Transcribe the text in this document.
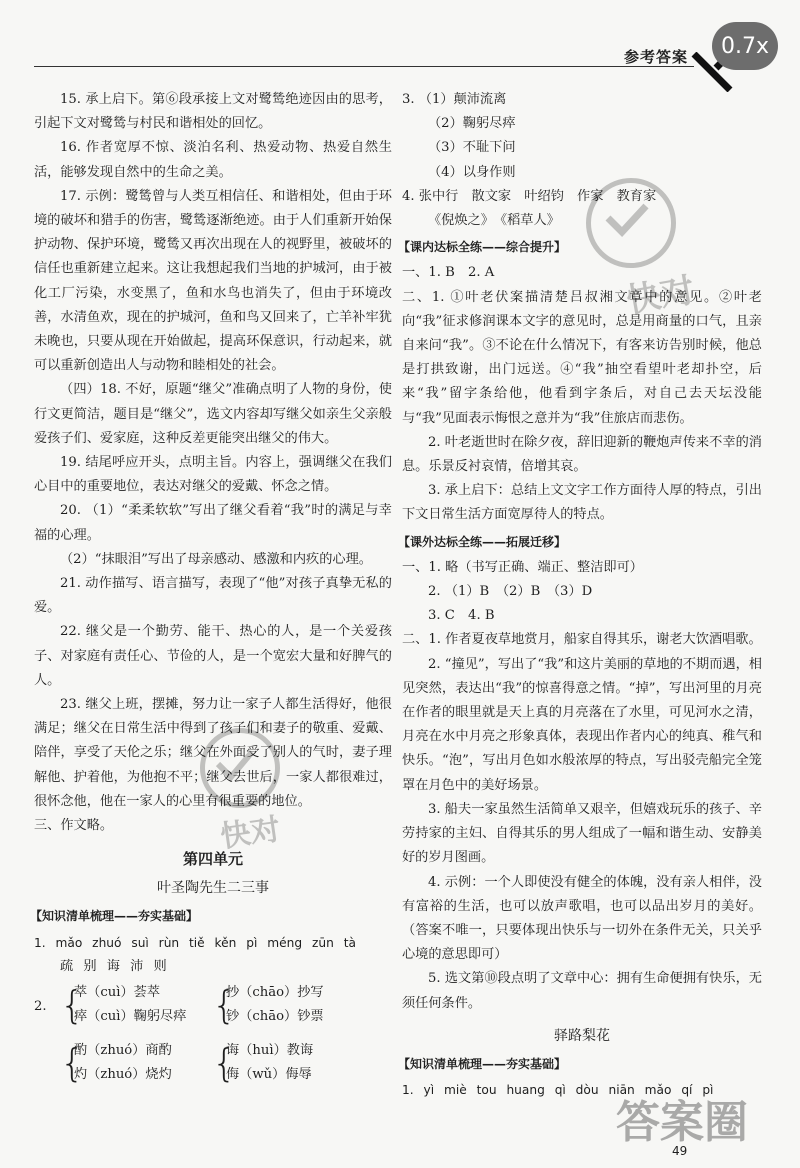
参考答案	0.7x
15. 承上启下。第⑥段承接上文对鹭鸶绝迹因由的思考，引起下文对鹭鸶与村民和谐相处的回忆。
16. 作者宽厚不惊、淡泊名利、热爱动物、热爱自然生活，能够发现自然中的生命之美。
17. 示例：鹭鸶曾与人类互相信任、和谐相处，但由于环境的破坏和猎手的伤害，鹭鸶逐渐绝迹。由于人们重新开始保护动物、保护环境，鹭鸶又再次出现在人的视野里，被破坏的信任也重新建立起来。这让我想起我们当地的护城河，由于被化工厂污染，水变黑了，鱼和水鸟也消失了，但由于环境改善，水清鱼欢，现在的护城河，鱼和鸟又回来了，亡羊补牢犹未晚也，只要从现在开始做起，提高环保意识，行动起来，就可以重新创造出人与动物和睦相处的社会。
（四）18. 不好，原题“继父”准确点明了人物的身份，使行文更简洁，题目是“继父”，选文内容却写继父如亲生父亲般爱孩子们、爱家庭，这种反差更能突出继父的伟大。
19. 结尾呼应开头，点明主旨。内容上，强调继父在我们心目中的重要地位，表达对继父的爱戴、怀念之情。
20. （1）“柔柔软软”写出了继父看着“我”时的满足与幸福的心理。
（2）“抹眼泪”写出了母亲感动、感激和内疚的心理。
21. 动作描写、语言描写，表现了“他”对孩子真挚无私的爱。
22. 继父是一个勤劳、能干、热心的人，是一个关爱孩子、对家庭有责任心、节俭的人，是一个宽宏大量和好脾气的人。
23. 继父上班，摆摊，努力让一家子人都生活得好，他很满足；继父在日常生活中得到了孩子们和妻子的敬重、爱戴、陪伴，享受了天伦之乐；继父在外面受了别人的气时，妻子理解他、护着他，为他抱不平；继父去世后，一家人都很难过，很怀念他，他在一家人的心里有很重要的地位。
三、作文略。
第四单元
叶圣陶先生二三事
【知识清单梳理——夯实基础】
1. mǎo zhuó suì rùn tiě kěn pì méng zūn tà
疏 别 诲 沛 则
2. {
萃（cuì）荟萃
瘁（cuì）鞠躬尽瘁 {
抄（chāo）抄写
钞（chāo）钞票
{
酌（zhuó）商酌
灼（zhuó）烧灼 {
诲（huì）教诲
侮（wǔ）侮辱
3. （1）颠沛流离
（2）鞠躬尽瘁
（3）不耻下问
（4）以身作则
4. 张中行　散文家　叶绍钧　作家　教育家
《倪焕之》　《稻草人》
【课内达标全练——综合提升】
一、1. B　2. A
二、1. ①叶老伏案描清楚吕叔湘文章中的意见。②叶老向“我”征求修润课本文字的意见时，总是用商量的口气，且亲自来问“我”。③不论在什么情况下，有客来访告别时候，他总是打拱致谢，出门远送。④“我”抽空看望叶老却扑空，后来“我”留字条给他，他看到字条后，对自己去天坛没能与“我”见面表示悔恨之意并为“我”住旅店而悲伤。
2. 叶老逝世时在除夕夜，辞旧迎新的鞭炮声传来不幸的消息。乐景反衬哀情，倍增其哀。
3. 承上启下：总结上文文字工作方面待人厚的特点，引出下文日常生活方面宽厚待人的特点。
【课外达标全练——拓展迁移】
一、1. 略（书写正确、端正、整洁即可）
2. （1）B　（2）B　（3）D
3. C　4. B
二、1. 作者夏夜草地赏月，船家自得其乐，谢老大饮酒唱歌。
2. “撞见”，写出了“我”和这片美丽的草地的不期而遇，相见突然，表达出“我”的惊喜得意之情。“掉”，写出河里的月亮在作者的眼里就是天上真的月亮落在了水里，可见河水之清，月亮在水中月亮之形象真体，表现出作者内心的纯真、稚气和快乐。“泡”，写出月色如水般浓厚的特点，写出驳壳船完全笼罩在月色中的美好场景。
3. 船夫一家虽然生活简单又艰辛，但嬉戏玩乐的孩子、辛劳持家的主妇、自得其乐的男人组成了一幅和谐生动、安静美好的岁月图画。
4. 示例：一个人即使没有健全的体魄，没有亲人相伴，没有富裕的生活，也可以放声歌唱，也可以品出岁月的美好。（答案不唯一，只要体现出快乐与一切外在条件无关，只关乎心境的意思即可）
5. 选文第⑩段点明了文章中心：拥有生命便拥有快乐，无须任何条件。
驿路梨花
【知识清单梳理——夯实基础】
1. yì miè tou huang qì dòu niān mǎo qí pì
快对
快对
答案圈
49
